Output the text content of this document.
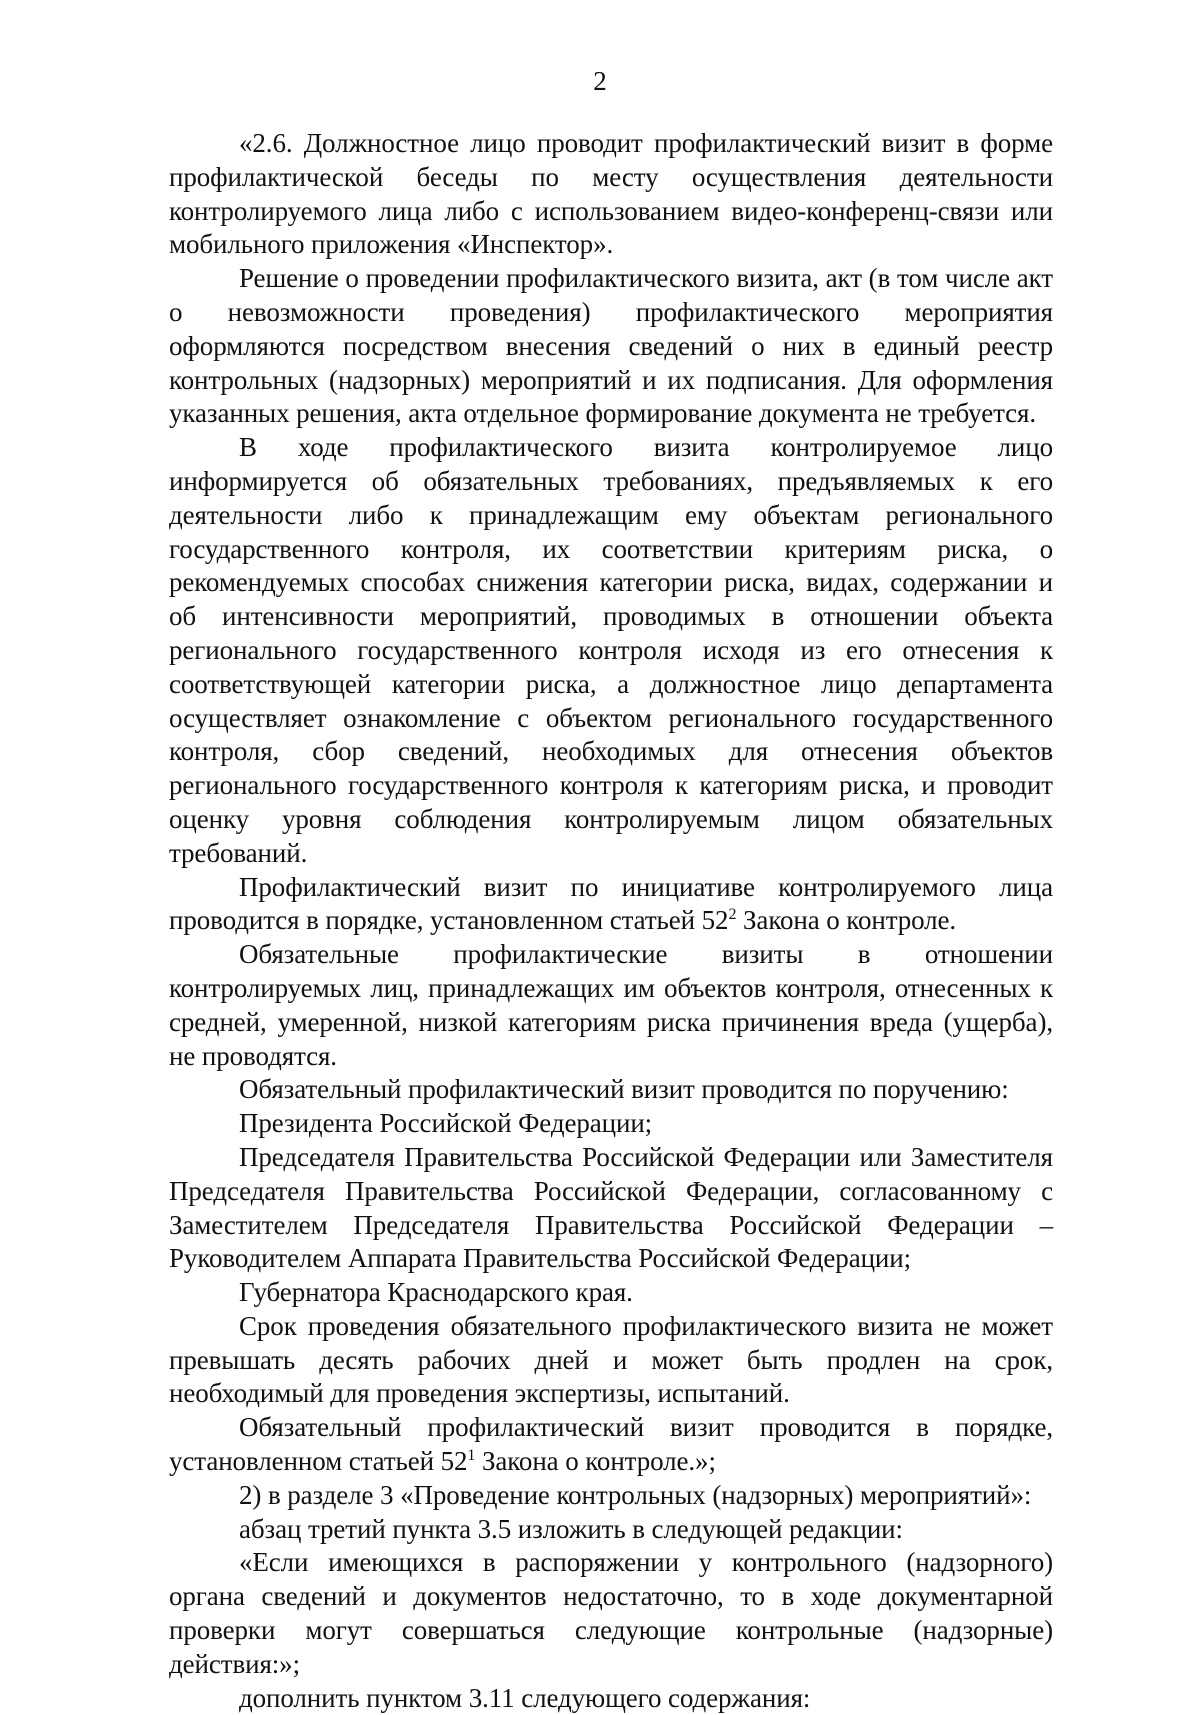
2

«2.6. Должностное лицо проводит профилактический визит в форме профилактической беседы по месту осуществления деятельности контролируемого лица либо с использованием видео-конференц-связи или мобильного приложения «Инспектор».

Решение о проведении профилактического визита, акт (в том числе акт о невозможности проведения) профилактического мероприятия оформляются посредством внесения сведений о них в единый реестр контрольных (надзорных) мероприятий и их подписания. Для оформления указанных решения, акта отдельное формирование документа не требуется.

В ходе профилактического визита контролируемое лицо информируется об обязательных требованиях, предъявляемых к его деятельности либо к принадлежащим ему объектам регионального государственного контроля, их соответствии критериям риска, о рекомендуемых способах снижения категории риска, видах, содержании и об интенсивности мероприятий, проводимых в отношении объекта регионального государственного контроля исходя из его отнесения к соответствующей категории риска, а должностное лицо департамента осуществляет ознакомление с объектом регионального государственного контроля, сбор сведений, необходимых для отнесения объектов регионального государственного контроля к категориям риска, и проводит оценку уровня соблюдения контролируемым лицом обязательных требований.

Профилактический визит по инициативе контролируемого лица проводится в порядке, установленном статьей $52^2$ Закона о контроле.

Обязательные профилактические визиты в отношении контролируемых лиц, принадлежащих им объектов контроля, отнесенных к средней, умеренной, низкой категориям риска причинения вреда (ущерба), не проводятся.

Обязательный профилактический визит проводится по поручению:

Президента Российской Федерации;

Председателя Правительства Российской Федерации или Заместителя Председателя Правительства Российской Федерации, согласованному с Заместителем Председателя Правительства Российской Федерации – Руководителем Аппарата Правительства Российской Федерации;

Губернатора Краснодарского края.

Срок проведения обязательного профилактического визита не может превышать десять рабочих дней и может быть продлен на срок, необходимый для проведения экспертизы, испытаний.

Обязательный профилактический визит проводится в порядке, установленном статьей $52^1$ Закона о контроле.»;

2) в разделе 3 «Проведение контрольных (надзорных) мероприятий»:

абзац третий пункта 3.5 изложить в следующей редакции:

«Если имеющихся в распоряжении у контрольного (надзорного) органа сведений и документов недостаточно, то в ходе документарной проверки могут совершаться следующие контрольные (надзорные) действия:»;

дополнить пунктом 3.11 следующего содержания:
